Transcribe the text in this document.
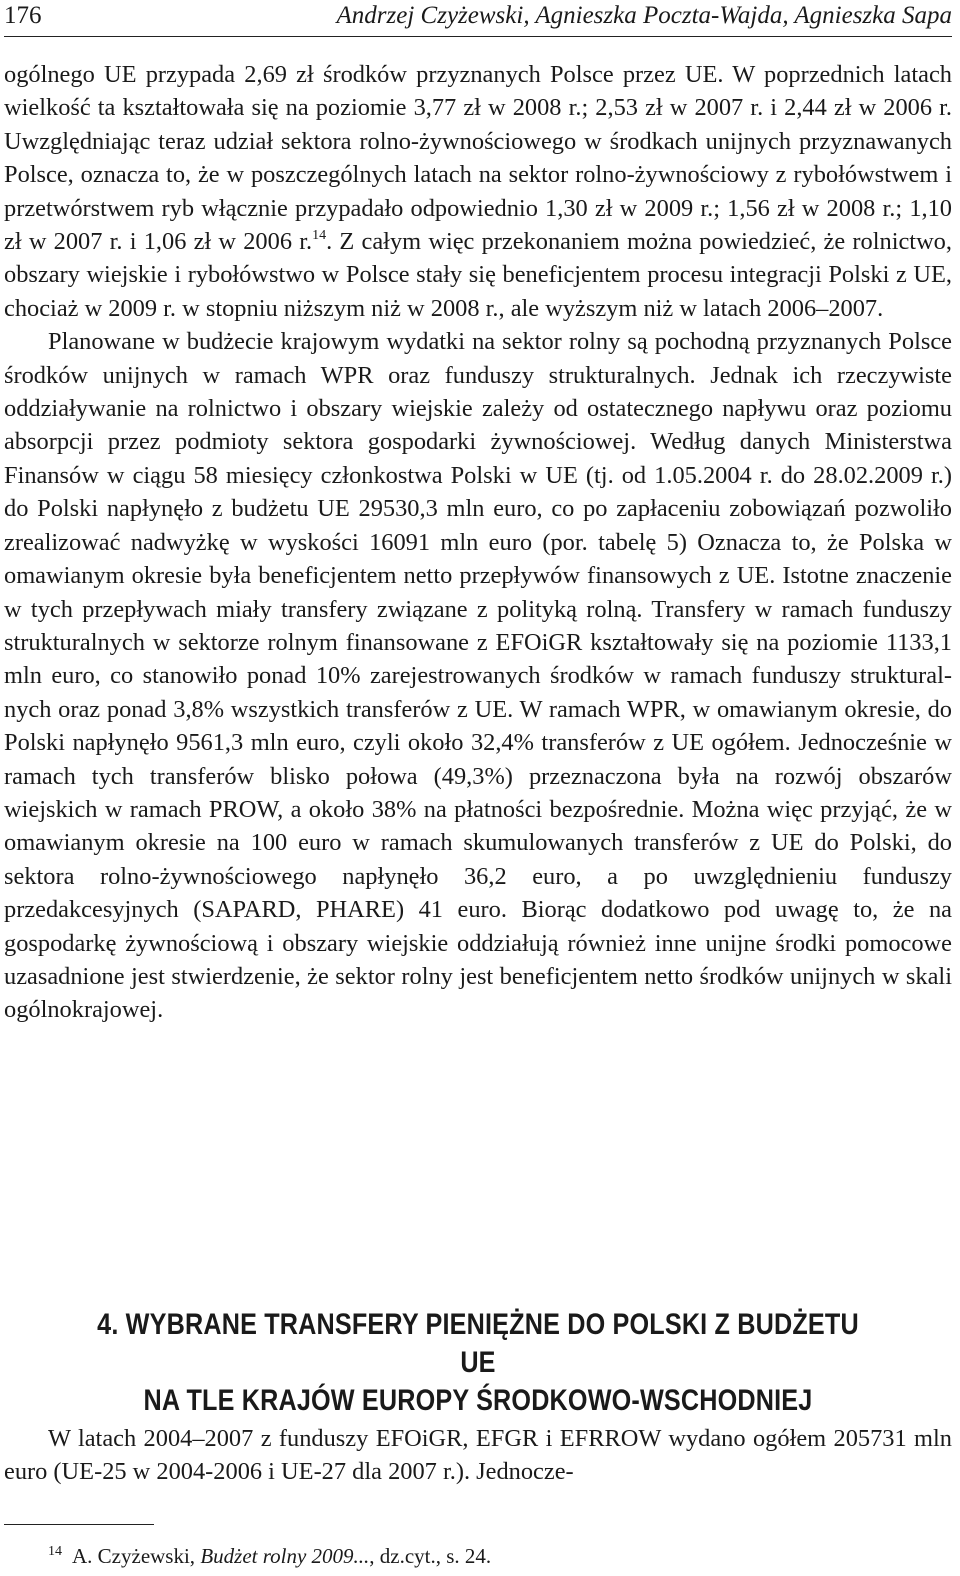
176	Andrzej Czyżewski, Agnieszka Poczta-Wajda, Agnieszka Sapa

ogólnego UE przypada 2,69 zł środków przyznanych Polsce przez UE. W poprzednich latach wielkość ta kształtowała się na poziomie 3,77 zł w 2008 r.; 2,53 zł w 2007 r. i 2,44 zł w 2006 r. Uwzględniając teraz udział sektora rolno-żywnościowego w środkach unijnych przyznawanych Polsce, oznacza to, że w poszczególnych latach na sektor rolno-żywnościowy z rybołówstwem i przetwórstwem ryb włącznie przypadało odpowiednio 1,30 zł w 2009 r.; 1,56 zł w 2008 r.; 1,10 zł w 2007 r. i 1,06 zł w 2006 r.$^{14}$. Z całym więc przekonaniem można powiedzieć, że rolnictwo, obszary wiejskie i rybołówstwo w Polsce stały się beneficjentem procesu integracji Polski z UE, chociaż w 2009 r. w stopniu niższym niż w 2008 r., ale wyższym niż w latach 2006–2007.

Planowane w budżecie krajowym wydatki na sektor rolny są pochodną przyznanych Polsce środków unijnych w ramach WPR oraz funduszy strukturalnych. Jednak ich rzeczywiste oddziaływanie na rolnictwo i obszary wiejskie zależy od ostatecznego napływu oraz poziomu absorpcji przez podmioty sektora gospodarki żywnościowej. Według danych Ministerstwa Finansów w ciągu 58 miesięcy członkostwa Polski w UE (tj. od 1.05.2004 r. do 28.02.2009 r.) do Polski napłynęło z budżetu UE 29530,3 mln euro, co po zapłaceniu zobowiązań pozwoliło zrealizować nadwyżkę w wyskości 16091 mln euro (por. tabelę 5) Oznacza to, że Polska w omawianym okresie była beneficjentem netto przepływów finansowych z UE. Istotne znaczenie w tych przepływach miały transfery związane z polityką rolną. Transfery w ramach funduszy strukturalnych w sektorze rolnym finansowane z EFOiGR kształtowały się na poziomie 1133,1 mln euro, co stanowiło ponad 10% zarejestrowanych środków w ramach funduszy strukturalnych oraz ponad 3,8% wszystkich transferów z UE. W ramach WPR, w omawianym okresie, do Polski napłynęło 9561,3 mln euro, czyli około 32,4% transferów z UE ogółem. Jednocześnie w ramach tych transferów blisko połowa (49,3%) przeznaczona była na rozwój obszarów wiejskich w ramach PROW, a około 38% na płatności bezpośrednie. Można więc przyjąć, że w omawianym okresie na 100 euro w ramach skumulowanych transferów z UE do Polski, do sektora rolno-żywnościowego napłynęło 36,2 euro, a po uwzględnieniu funduszy przedakcesyjnych (SAPARD, PHARE) 41 euro. Biorąc dodatkowo pod uwagę to, że na gospodarkę żywnościową i obszary wiejskie oddziałują również inne unijne środki pomocowe uzasadnione jest stwierdzenie, że sektor rolny jest beneficjentem netto środków unijnych w skali ogólnokrajowej.

4. WYBRANE TRANSFERY PIENIĘŻNE DO POLSKI Z BUDŻETU UE
NA TLE KRAJÓW EUROPY ŚRODKOWO-WSCHODNIEJ

W latach 2004–2007 z funduszy EFOiGR, EFGR i EFRROW wydano ogółem 205731 mln euro (UE-25 w 2004-2006 i UE-27 dla 2007 r.). Jednocze-

$^{14}$ A. Czyżewski, Budżet rolny 2009..., dz.cyt., s. 24.
